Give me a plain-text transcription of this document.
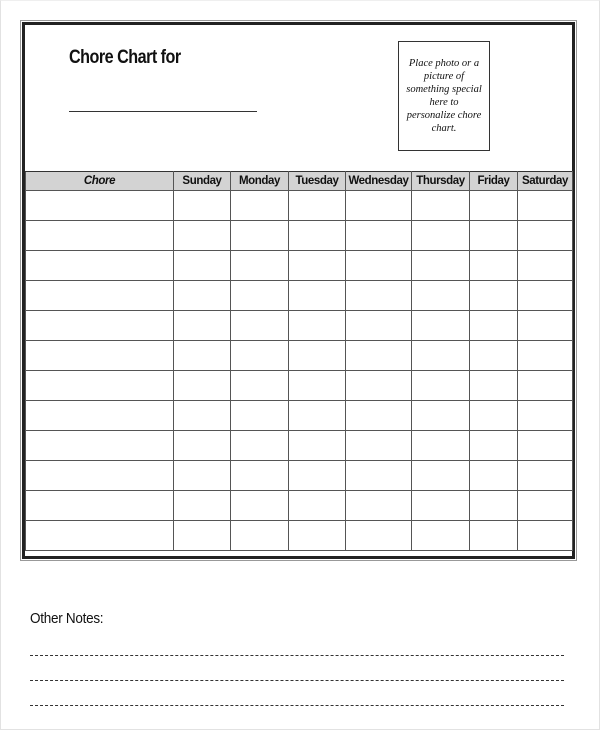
Chore Chart for	Place photo or a picture of something special here to personalize chore chart.
Chore	Sunday	Monday	Tuesday	Wednesday	Thursday	Friday	Saturday

Other Notes:
